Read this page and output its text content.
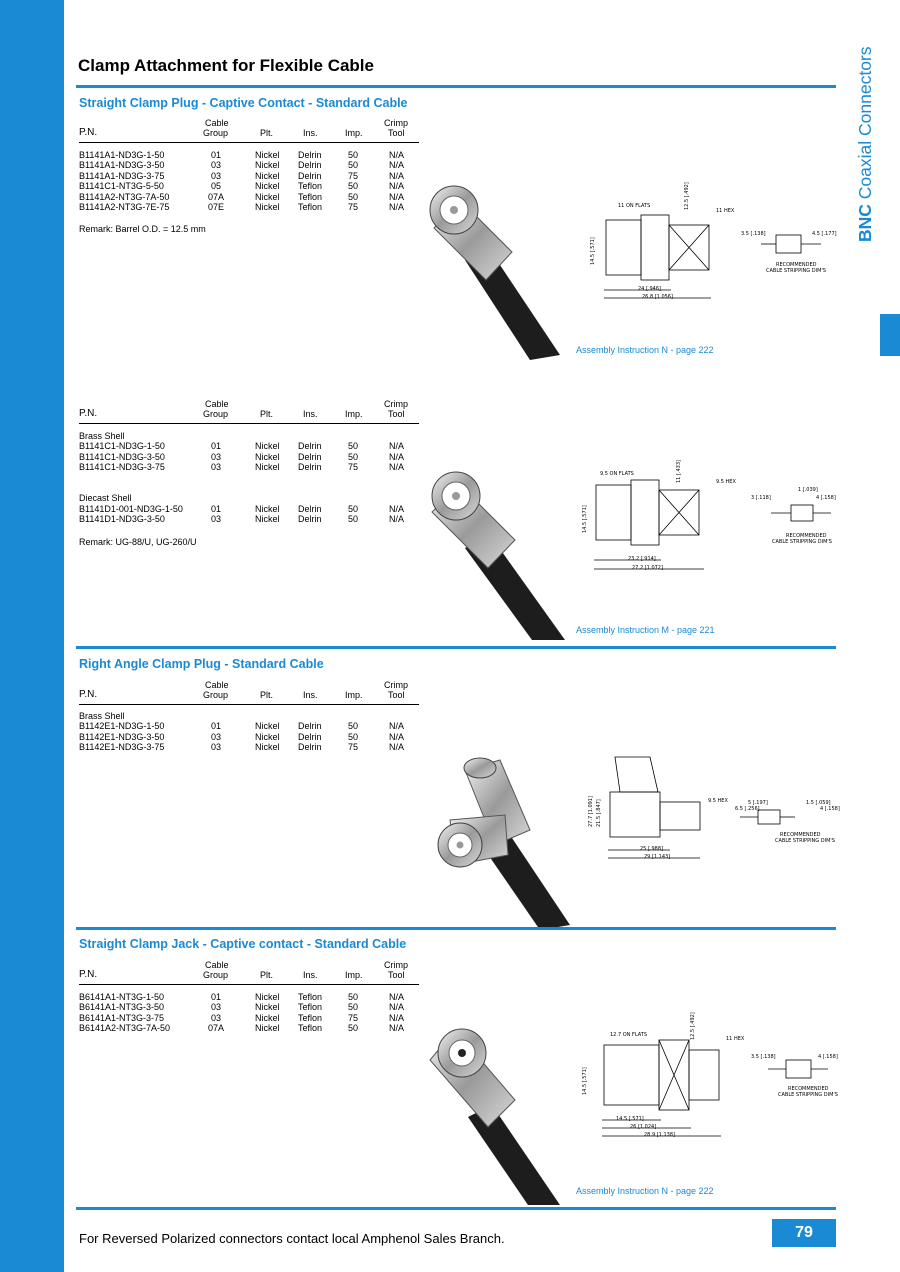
BNC Coaxial Connectors
Clamp Attachment for Flexible Cable
Straight Clamp Plug - Captive Contact - Standard Cable
Cable
Group
P.N.	Plt.	Ins.	Imp.
Crimp
Tool
B1141A1-ND3G-1-50	01	Nickel Delrin	50	N/A
B1141A1-ND3G-3-50	03	Nickel Delrin	50	N/A
B1141A1-ND3G-3-75	03	Nickel Delrin	75	N/A
B1141C1-NT3G-5-50	05	Nickel Teflon	50	N/A
B1141A2-NT3G-7A-50	07A	Nickel Teflon	50	N/A
B1141A2-NT3G-7E-75	07E	Nickel Teflon	75	N/A
Remark: Barrel O.D. = 12.5 mm
11 ON FLATS
11 HEX
12.5 [.492]
14.5 [.571]
24 [.946]
26.8 [1.056]
3.5 [.138]	4.5 [.177]
RECOMMENDED
CABLE STRIPPING DIM'S
Assembly Instruction N - page 222
Cable
Group
P.N.	Plt.	Ins.	Imp.
Crimp
Tool
Brass Shell
B1141C1-ND3G-1-50	01	Nickel Delrin	50	N/A
B1141C1-ND3G-3-50	03	Nickel Delrin	50	N/A
B1141C1-ND3G-3-75	03	Nickel Delrin	75	N/A
Diecast Shell
B1141D1-001-ND3G-1-50	01	Nickel Delrin	50	N/A
B1141D1-ND3G-3-50	03	Nickel Delrin	50	N/A
Remark: UG-88/U, UG-260/U
9.5 ON FLATS
9.5 HEX
11 [.433]
14.5 [.571]
23.2 [.914]
27.2 [1.072]
1 [.039]
3 [.118]	4 [.158]
RECOMMENDED
CABLE STRIPPING DIM'S
Assembly Instruction M - page 221
Right Angle Clamp Plug - Standard Cable
Cable
Group
P.N.	Plt.	Ins.	Imp.
Crimp
Tool
Brass Shell
B1142E1-ND3G-1-50	01	Nickel Delrin	50	N/A
B1142E1-ND3G-3-50	03	Nickel Delrin	50	N/A
B1142E1-ND3G-3-75	03	Nickel Delrin	75	N/A
9.5 HEX
27.7 [1.091] 21.5 [.847]
25 [.988]
29 [1.143]
5 [.197]
6.5 [.256]
1.5 [.059]
4 [.158]
RECOMMENDED
CABLE STRIPPING DIM'S
Straight Clamp Jack - Captive contact - Standard Cable
Cable
Group
P.N.	Plt.	Ins.	Imp.
Crimp
Tool
B6141A1-NT3G-1-50	01	Nickel Teflon	50	N/A
B6141A1-NT3G-3-50	03	Nickel Teflon	50	N/A
B6141A1-NT3G-3-75	03	Nickel Teflon	75	N/A
B6141A2-NT3G-7A-50	07A	Nickel Teflon	50	N/A
12.7 ON FLATS
11 HEX
12.5 [.492]
14.5 [.571]
14.5 [.571]
26 [1.024]
28.9 [1.138]
3.5 [.138]	4 [.158]
RECOMMENDED
CABLE STRIPPING DIM'S
Assembly Instruction N - page 222
For Reversed Polarized connectors contact local Amphenol Sales Branch.	79
